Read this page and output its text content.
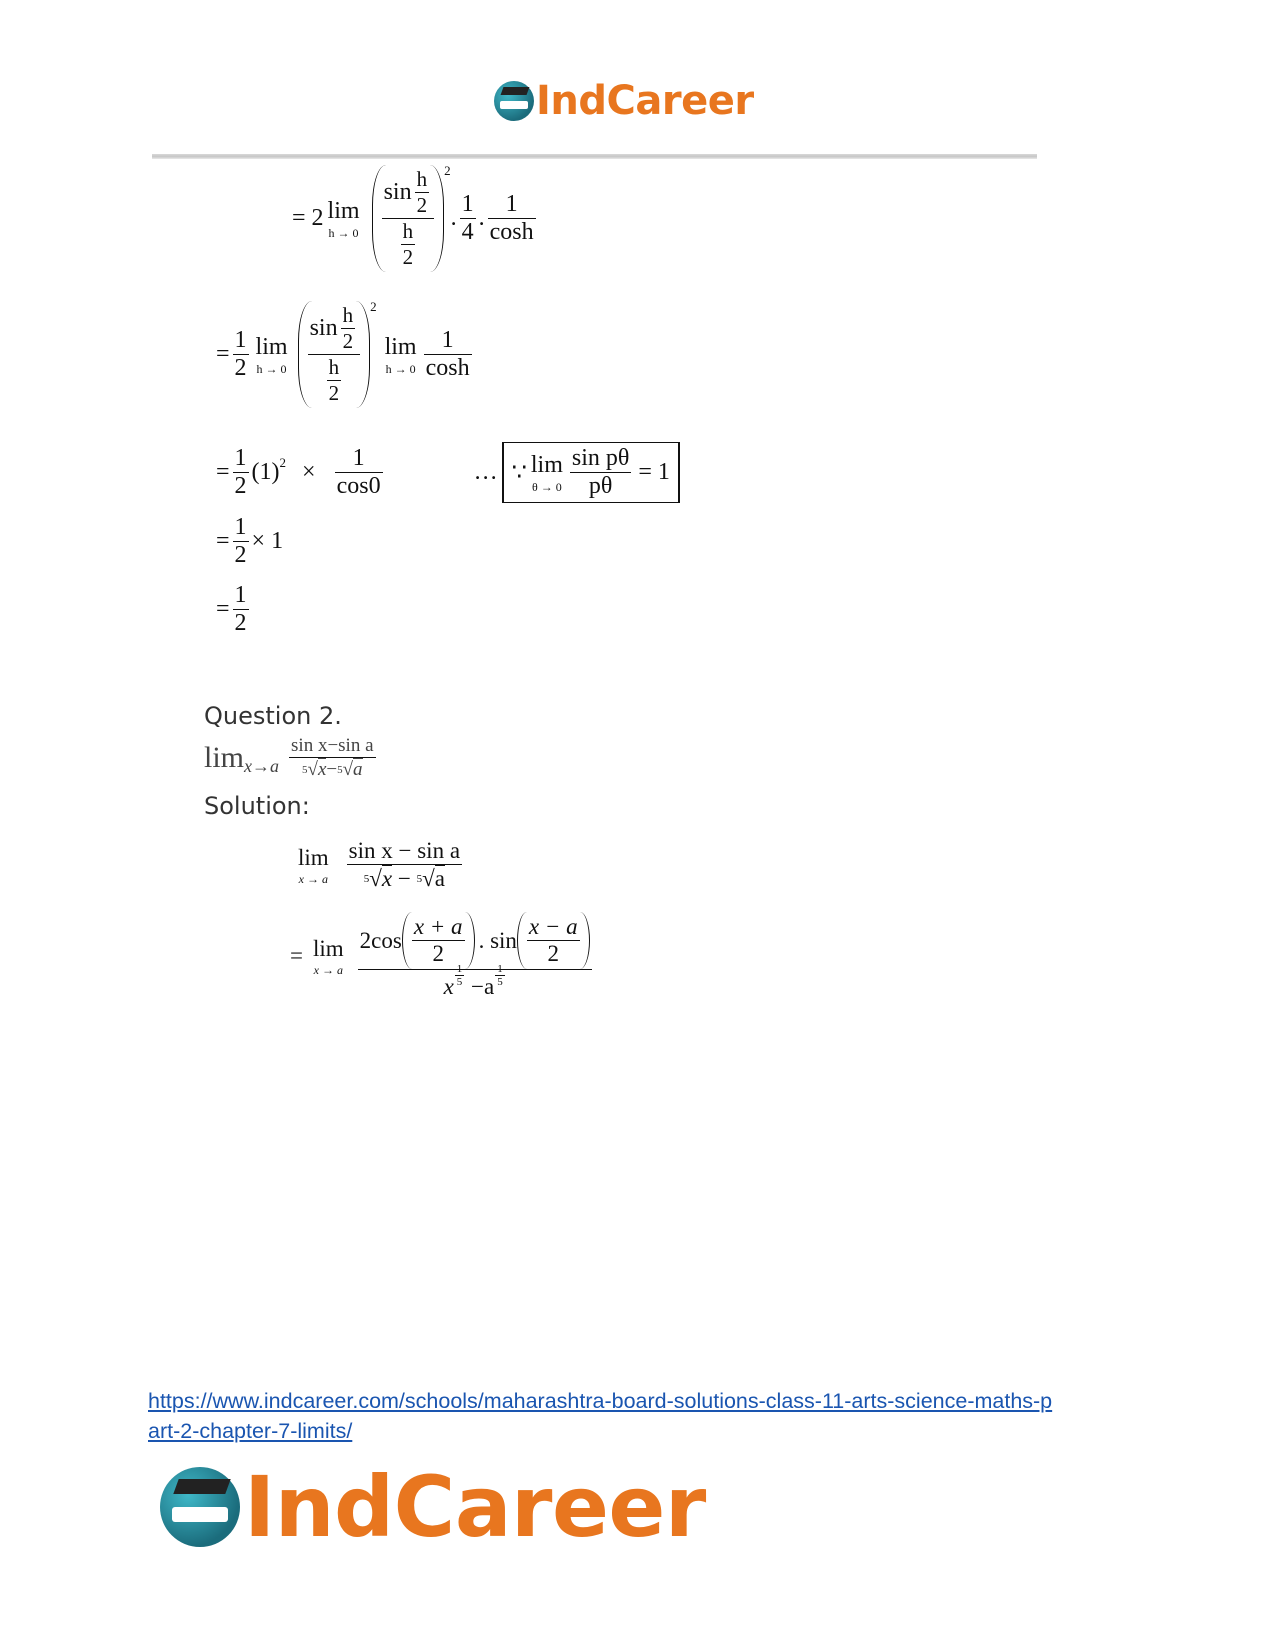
IndCareer
= 2 lim
$h \to 0 \frac{\sin \frac{h}{2}}{\frac{h}{2}} 2$
. $\frac{1}{4}$ . $\frac{1}{\cosh}$
= $\frac{1}{2}$ lim
$h \to 0 \frac{\sin \frac{h}{2}}{\frac{h}{2}} 2$
lim
$h \to 0 \frac{1}{\cosh}$
= $\frac{1}{2} (1) 2 \times \frac{1}{\cos 0}$	… ∵ lim
$\theta \to 0 \frac{\text{sin pθ}}{p\theta} = 1$
= $\frac{1}{2} \times 1$
= $\frac{1}{2}$
Question 2.
$\lim x\to a \frac{\text{sin x−sin a}}{5 √ x - 5 √ a}$
Solution:
lim
x → a $\frac{\text{sin x − sin a}}{5 √ x - 5 √ a}$
= lim
x → a
$2\cos \frac{x + a}{2}$ . $\sin \frac{x - a}{2}$
x $\frac{1}{5} -a \frac{1}{5}$
https://www.indcareer.com/schools/maharashtra-board-solutions-class-11-arts-science-maths-p
art-2-chapter-7-limits/
IndCareer
